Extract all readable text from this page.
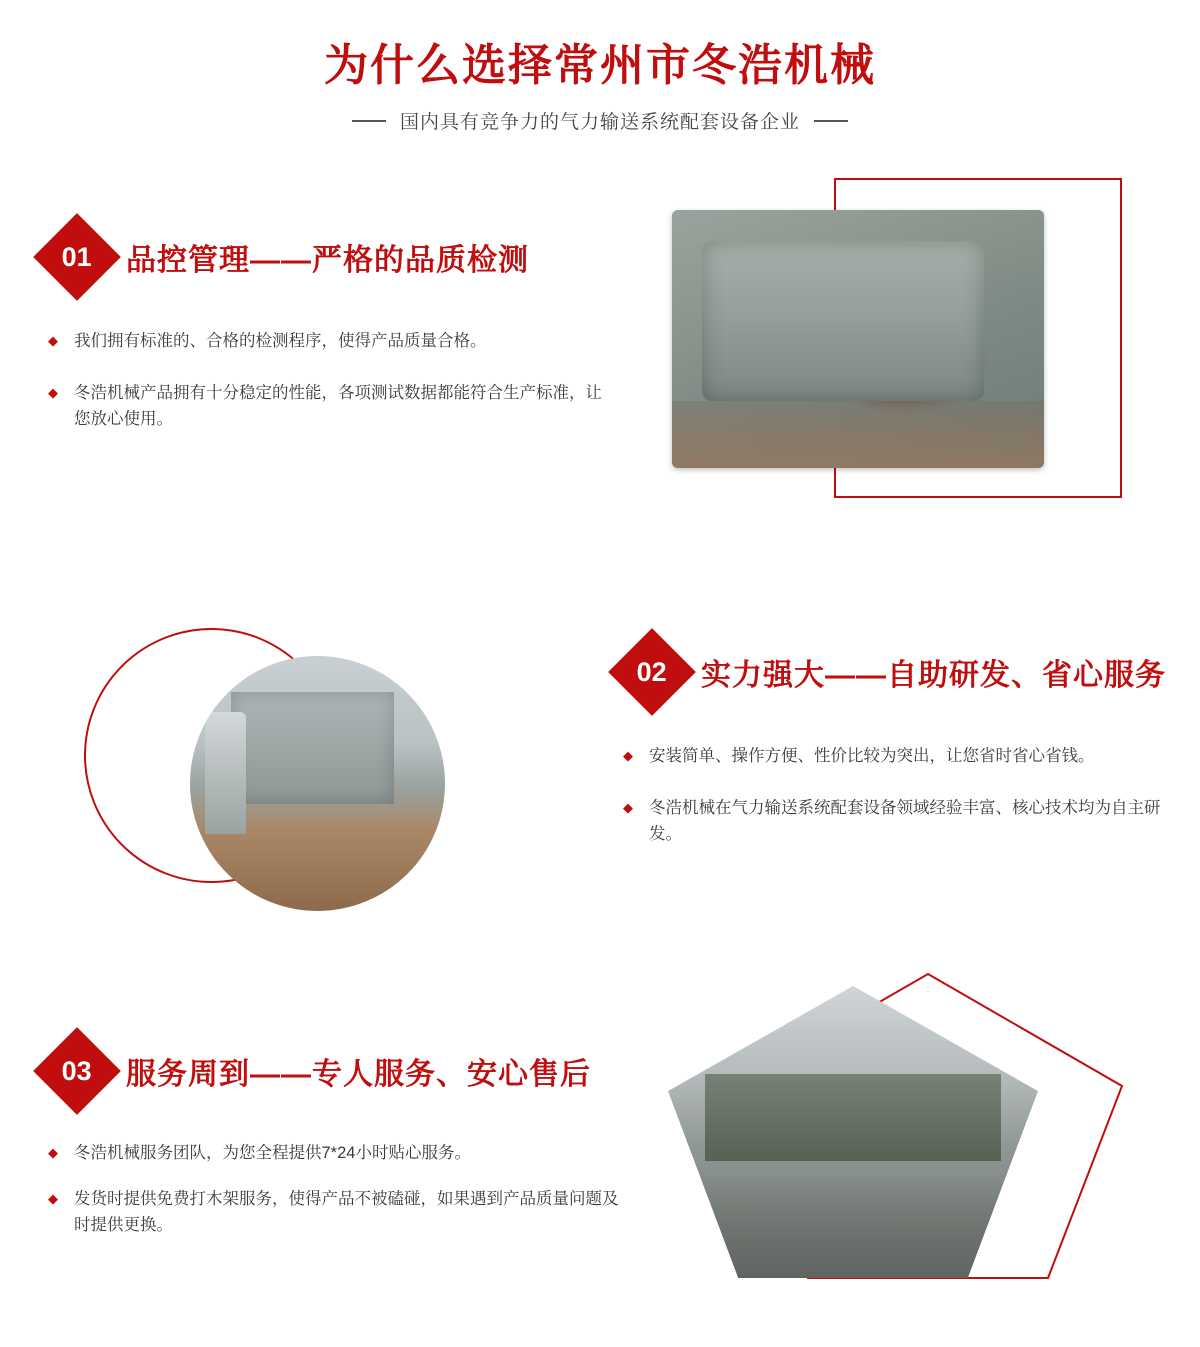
为什么选择常州市冬浩机械
国内具有竞争力的气力输送系统配套设备企业
01 品控管理——严格的品质检测
◆ 我们拥有标准的、合格的检测程序，使得产品质量合格。
◆ 冬浩机械产品拥有十分稳定的性能，各项测试数据都能符合生产标准，让您放心使用。
02 实力强大——自助研发、省心服务
◆ 安装简单、操作方便、性价比较为突出，让您省时省心省钱。
◆ 冬浩机械在气力输送系统配套设备领域经验丰富、核心技术均为自主研发。
03 服务周到——专人服务、安心售后
◆ 冬浩机械服务团队，为您全程提供7*24小时贴心服务。
◆ 发货时提供免费打木架服务，使得产品不被磕碰，如果遇到产品质量问题及时提供更换。
